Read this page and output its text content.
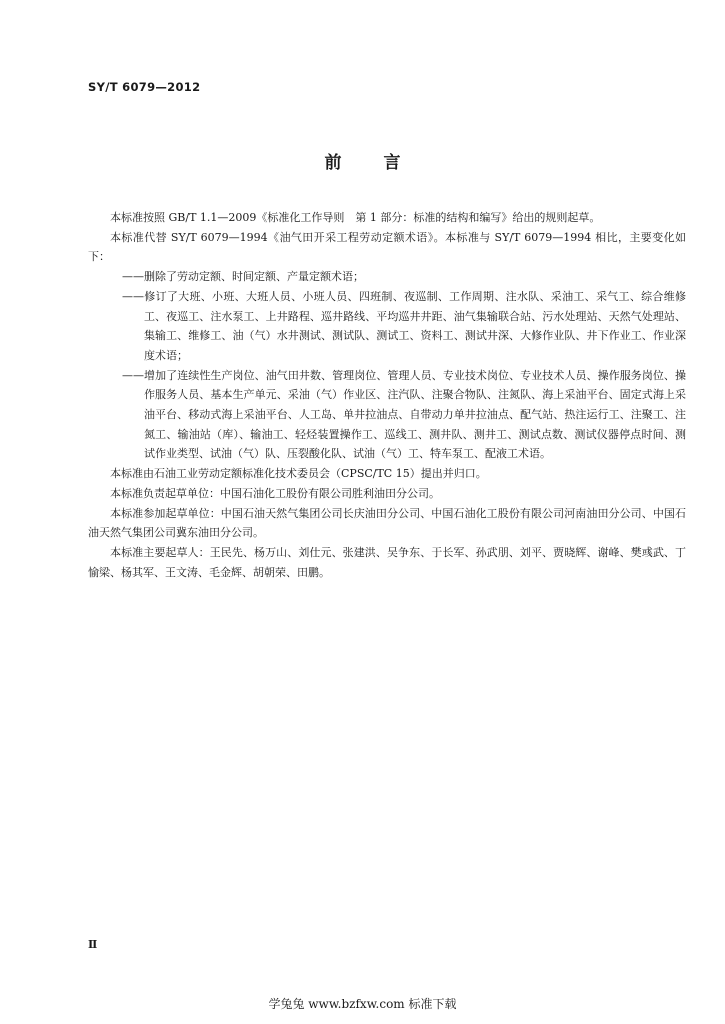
SY/T 6079—2012
前 言

本标准按照 GB/T 1.1—2009《标准化工作导则　第 1 部分：标准的结构和编写》给出的规则起草。

本标准代替 SY/T 6079—1994《油气田开采工程劳动定额术语》。本标准与 SY/T 6079—1994 相比，主要变化如下：

——删除了劳动定额、时间定额、产量定额术语；

——修订了大班、小班、大班人员、小班人员、四班制、夜巡制、工作周期、注水队、采油工、采气工、综合维修工、夜巡工、注水泵工、上井路程、巡井路线、平均巡井井距、油气集输联合站、污水处理站、天然气处理站、集输工、维修工、油（气）水井测试、测试队、测试工、资料工、测试井深、大修作业队、井下作业工、作业深度术语；

——增加了连续性生产岗位、油气田井数、管理岗位、管理人员、专业技术岗位、专业技术人员、操作服务岗位、操作服务人员、基本生产单元、采油（气）作业区、注汽队、注聚合物队、注氮队、海上采油平台、固定式海上采油平台、移动式海上采油平台、人工岛、单井拉油点、自带动力单井拉油点、配气站、热注运行工、注聚工、注氮工、输油站（库）、输油工、轻烃装置操作工、巡线工、测井队、测井工、测试点数、测试仪器停点时间、测试作业类型、试油（气）队、压裂酸化队、试油（气）工、特车泵工、配液工术语。

本标准由石油工业劳动定额标准化技术委员会（CPSC/TC 15）提出并归口。

本标准负责起草单位：中国石油化工股份有限公司胜利油田分公司。

本标准参加起草单位：中国石油天然气集团公司长庆油田分公司、中国石油化工股份有限公司河南油田分公司、中国石油天然气集团公司冀东油田分公司。

本标准主要起草人：王民先、杨万山、刘仕元、张建洪、吴争东、于长军、孙武朋、刘平、贾晓辉、谢峰、樊彧武、丁愉梁、杨其军、王文涛、毛金辉、胡朝荣、田鹏。

Ⅱ
学兔兔 www.bzfxw.com 标准下载
